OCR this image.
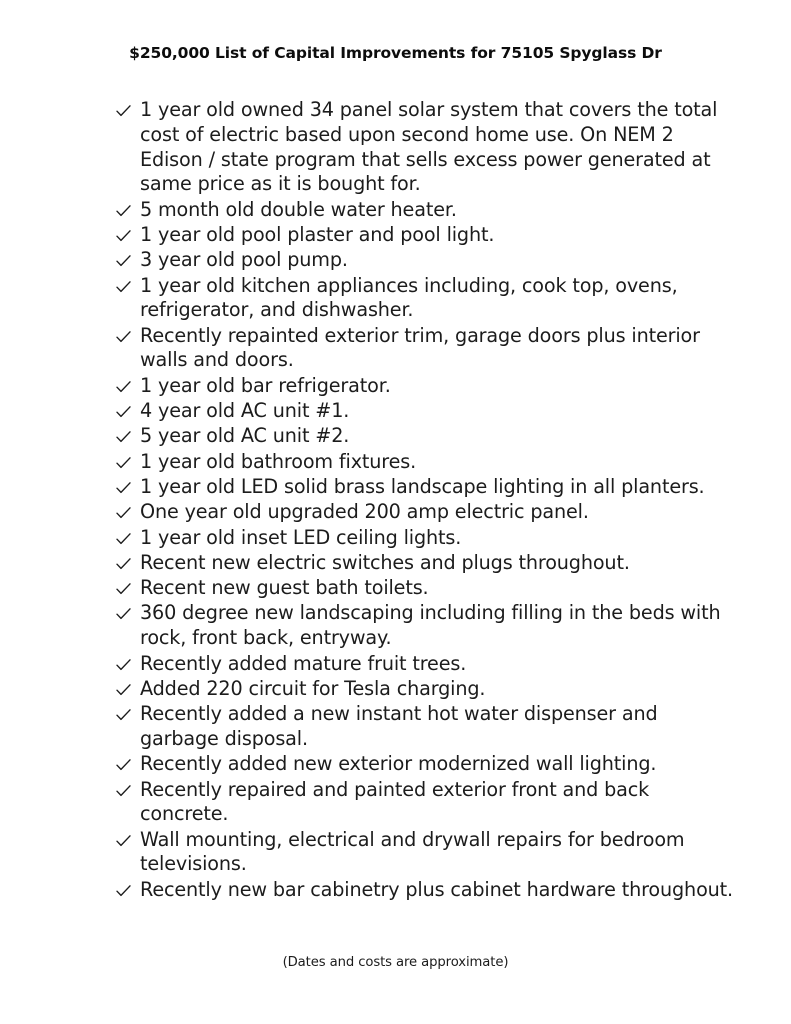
$250,000 List of Capital Improvements for 75105 Spyglass Dr
1 year old owned 34 panel solar system that covers the total cost of electric based upon second home use. On NEM 2 Edison / state program that sells excess power generated at same price as it is bought for.
5 month old double water heater.
1 year old pool plaster and pool light.
3 year old pool pump.
1 year old kitchen appliances including, cook top, ovens, refrigerator, and dishwasher.
Recently repainted exterior trim, garage doors plus interior walls and doors.
1 year old bar refrigerator.
4 year old AC unit #1.
5 year old AC unit #2.
1 year old bathroom fixtures.
1 year old LED solid brass landscape lighting in all planters.
One year old upgraded 200 amp electric panel.
1 year old inset LED ceiling lights.
Recent new electric switches and plugs throughout.
Recent new guest bath toilets.
360 degree new landscaping including filling in the beds with rock, front back, entryway.
Recently added mature fruit trees.
Added 220 circuit for Tesla charging.
Recently added a new instant hot water dispenser and garbage disposal.
Recently added new exterior modernized wall lighting.
Recently repaired and painted exterior front and back concrete.
Wall mounting, electrical and drywall repairs for bedroom televisions.
Recently new bar cabinetry plus cabinet hardware throughout.
(Dates and costs are approximate)
